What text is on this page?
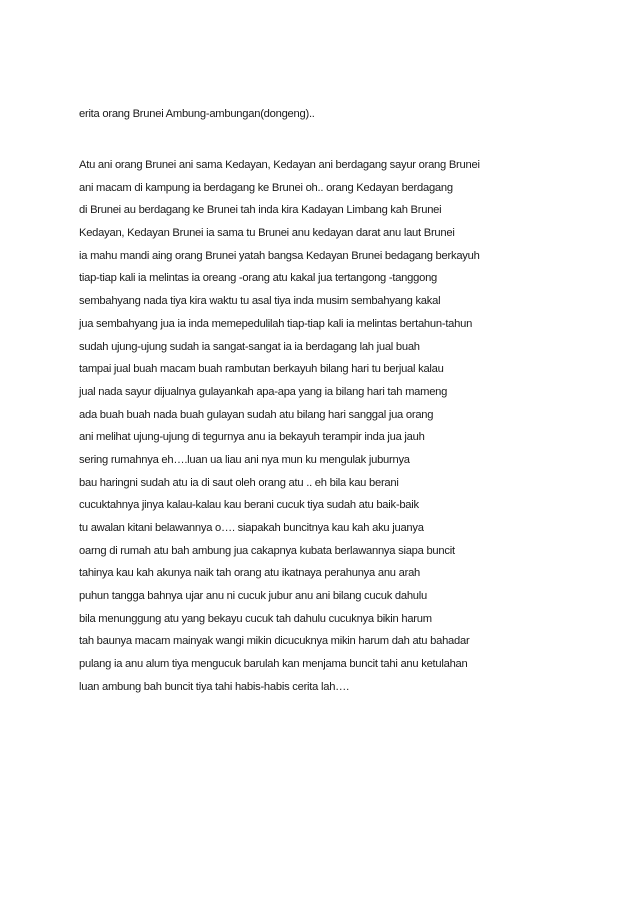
erita orang Brunei Ambung-ambungan(dongeng)..
Atu ani orang Brunei ani sama Kedayan, Kedayan ani berdagang sayur orang Brunei
ani macam di kampung ia berdagang ke Brunei oh.. orang Kedayan berdagang
di Brunei au berdagang ke Brunei tah inda kira Kadayan Limbang kah Brunei
Kedayan, Kedayan Brunei ia sama tu Brunei anu kedayan darat anu laut Brunei
ia mahu mandi aing orang Brunei yatah bangsa Kedayan Brunei bedagang berkayuh
tiap-tiap kali ia melintas ia oreang -orang atu kakal jua tertangong -tanggong
sembahyang nada tiya kira waktu tu asal tiya inda musim sembahyang kakal
jua sembahyang jua ia inda memepedulilah tiap-tiap kali ia melintas bertahun-tahun
sudah ujung-ujung sudah ia sangat-sangat ia ia berdagang lah jual buah
tampai jual buah macam buah rambutan berkayuh bilang hari tu berjual kalau
jual nada sayur dijualnya gulayankah apa-apa yang ia bilang hari tah mameng
ada buah buah nada buah gulayan sudah atu bilang hari sanggal jua orang
ani melihat ujung-ujung di tegurnya anu ia bekayuh terampir inda jua jauh
sering rumahnya eh….luan ua liau ani nya mun ku mengulak juburnya
bau haringni sudah atu ia di saut oleh orang atu .. eh bila kau berani
cucuktahnya jinya kalau-kalau kau berani cucuk tiya sudah atu baik-baik
tu awalan kitani belawannya o…. siapakah buncitnya kau kah aku juanya
oarng di rumah atu bah ambung jua cakapnya kubata berlawannya siapa buncit
tahinya kau kah akunya naik tah orang atu ikatnaya perahunya anu arah
puhun tangga bahnya ujar anu ni cucuk jubur anu ani bilang cucuk dahulu
bila menunggung atu yang bekayu cucuk tah dahulu cucuknya bikin harum
tah baunya macam mainyak wangi mikin dicucuknya mikin harum dah atu bahadar
pulang ia anu alum tiya mengucuk barulah kan menjama buncit tahi anu ketulahan
luan ambung bah buncit tiya tahi habis-habis cerita lah….
